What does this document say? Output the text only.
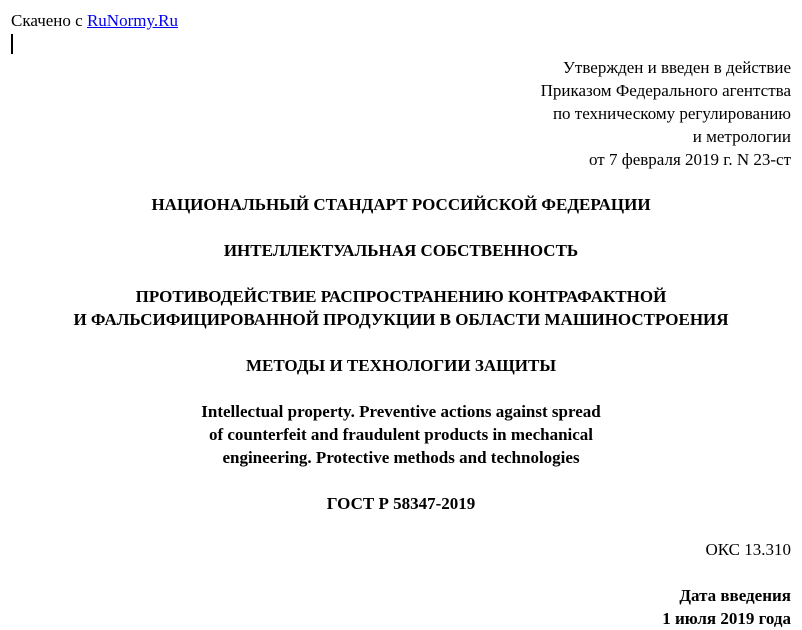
Скачено с RuNormy.Ru
Утвержден и введен в действие
Приказом Федерального агентства
по техническому регулированию
и метрологии
от 7 февраля 2019 г. N 23-ст
НАЦИОНАЛЬНЫЙ СТАНДАРТ РОССИЙСКОЙ ФЕДЕРАЦИИ
ИНТЕЛЛЕКТУАЛЬНАЯ СОБСТВЕННОСТЬ
ПРОТИВОДЕЙСТВИЕ РАСПРОСТРАНЕНИЮ КОНТРАФАКТНОЙ
И ФАЛЬСИФИЦИРОВАННОЙ ПРОДУКЦИИ В ОБЛАСТИ МАШИНОСТРОЕНИЯ
МЕТОДЫ И ТЕХНОЛОГИИ ЗАЩИТЫ
Intellectual property. Preventive actions against spread
of counterfeit and fraudulent products in mechanical
engineering. Protective methods and technologies
ГОСТ Р 58347-2019
ОКС 13.310
Дата введения
1 июля 2019 года
